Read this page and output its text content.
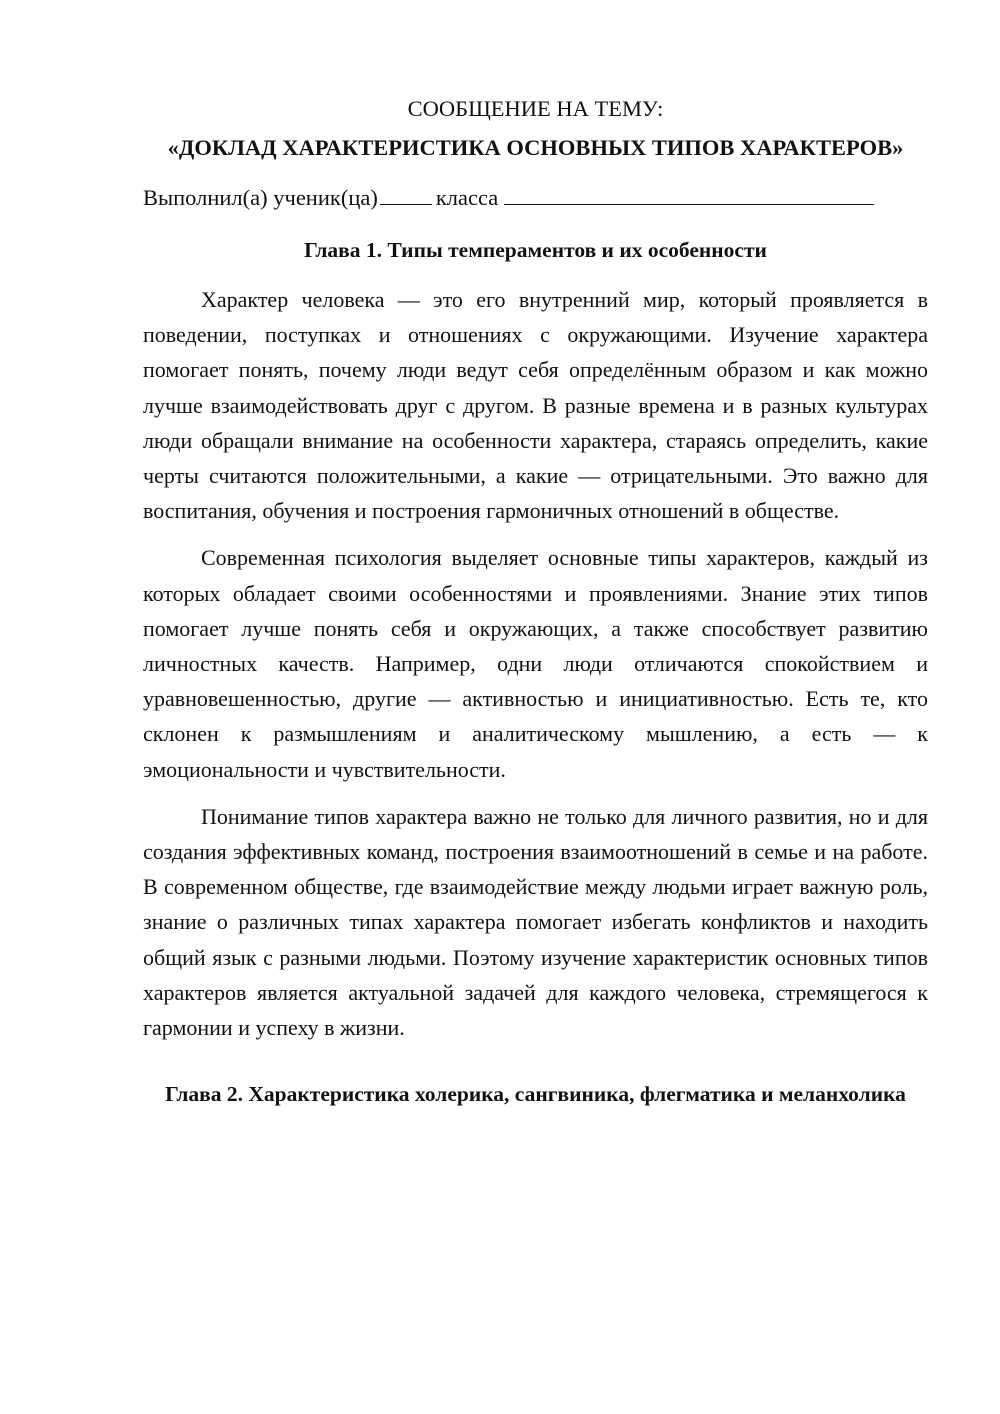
СООБЩЕНИЕ НА ТЕМУ:

«ДОКЛАД ХАРАКТЕРИСТИКА ОСНОВНЫХ ТИПОВ ХАРАКТЕРОВ»

Выполнил(а) ученик(ца)	класса

Глава 1. Типы темпераментов и их особенности

Характер человека — это его внутренний мир, который проявляется в поведении, поступках и отношениях с окружающими. Изучение характера помогает понять, почему люди ведут себя определённым образом и как можно лучше взаимодействовать друг с другом. В разные времена и в разных культурах люди обращали внимание на особенности характера, стараясь определить, какие черты считаются положительными, а какие — отрицательными. Это важно для воспитания, обучения и построения гармоничных отношений в обществе.

Современная психология выделяет основные типы характеров, каждый из которых обладает своими особенностями и проявлениями. Знание этих типов помогает лучше понять себя и окружающих, а также способствует развитию личностных качеств. Например, одни люди отличаются спокойствием и уравновешенностью, другие — активностью и инициативностью. Есть те, кто склонен к размышлениям и аналитическому мышлению, а есть — к эмоциональности и чувствительности.

Понимание типов характера важно не только для личного развития, но и для создания эффективных команд, построения взаимоотношений в семье и на работе. В современном обществе, где взаимодействие между людьми играет важную роль, знание о различных типах характера помогает избегать конфликтов и находить общий язык с разными людьми. Поэтому изучение характеристик основных типов характеров является актуальной задачей для каждого человека, стремящегося к гармонии и успеху в жизни.

Глава 2. Характеристика холерика, сангвиника, флегматика и меланхолика
